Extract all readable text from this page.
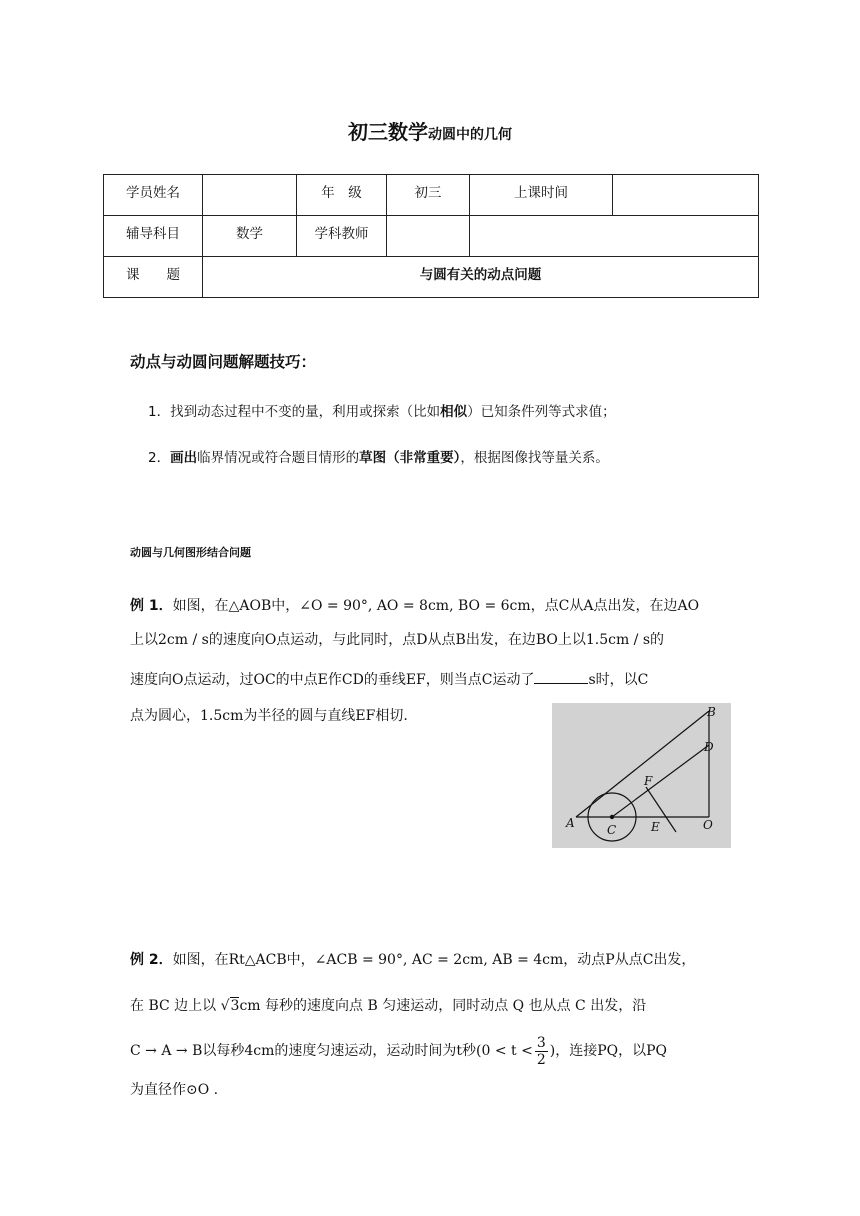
初三数学动圆中的几何
学员姓名		年　级	初三	上课时间	
辅导科目	数学	学科教师			
课　　题	与圆有关的动点问题				
动点与动圆问题解题技巧：
1．找到动态过程中不变的量，利用或探索（比如相似）已知条件列等式求值；
2．画出临界情况或符合题目情形的草图（非常重要），根据图像找等量关系。
动圆与几何图形结合问题
例 1．如图，在△AOB中，∠O = 90°, AO = 8cm, BO = 6cm，点C从A点出发，在边AO
上以2cm / s的速度向O点运动，与此同时，点D从点B出发，在边BO上以1.5cm / s的
速度向O点运动，过OC的中点E作CD的垂线EF，则当点C运动了	s时，以C
点为圆心，1.5cm为半径的圆与直线EF相切.
A
B
C
D
E
F
O
例 2．如图，在Rt△ACB中，∠ACB = 90°, AC = 2cm, AB = 4cm，动点P从点C出发，
在 BC 边上以 √3cm 每秒的速度向点 B 匀速运动，同时动点 Q 也从点 C 出发，沿
C → A → B以每秒4cm的速度匀速运动，运动时间为t秒($0 < t < \frac{3}{2}$ )，连接PQ，以PQ
为直径作⊙O .
